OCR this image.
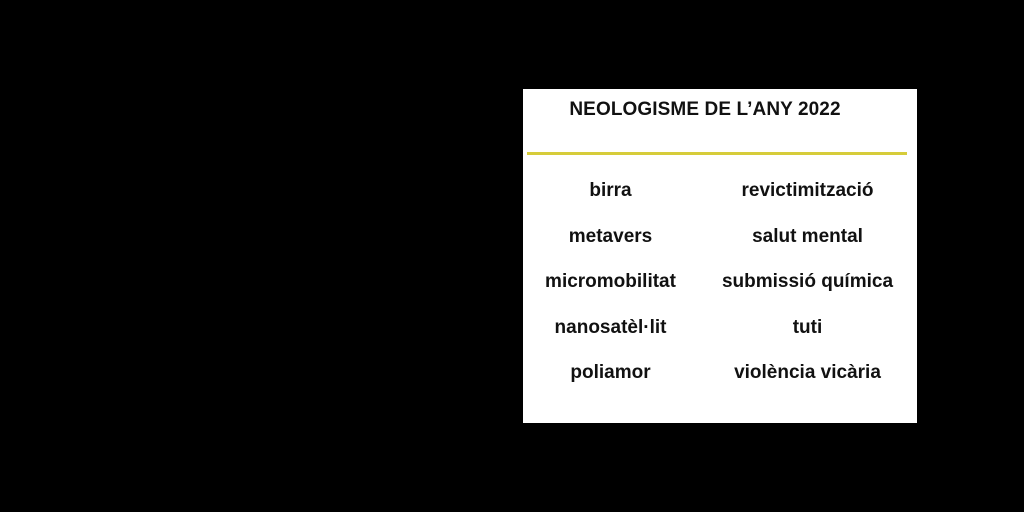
NEOLOGISME DE L’ANY 2022
birra	revictimització
metavers	salut mental
micromobilitat	submissió química
nanosatèl·lit	tuti
poliamor	violència vicària
